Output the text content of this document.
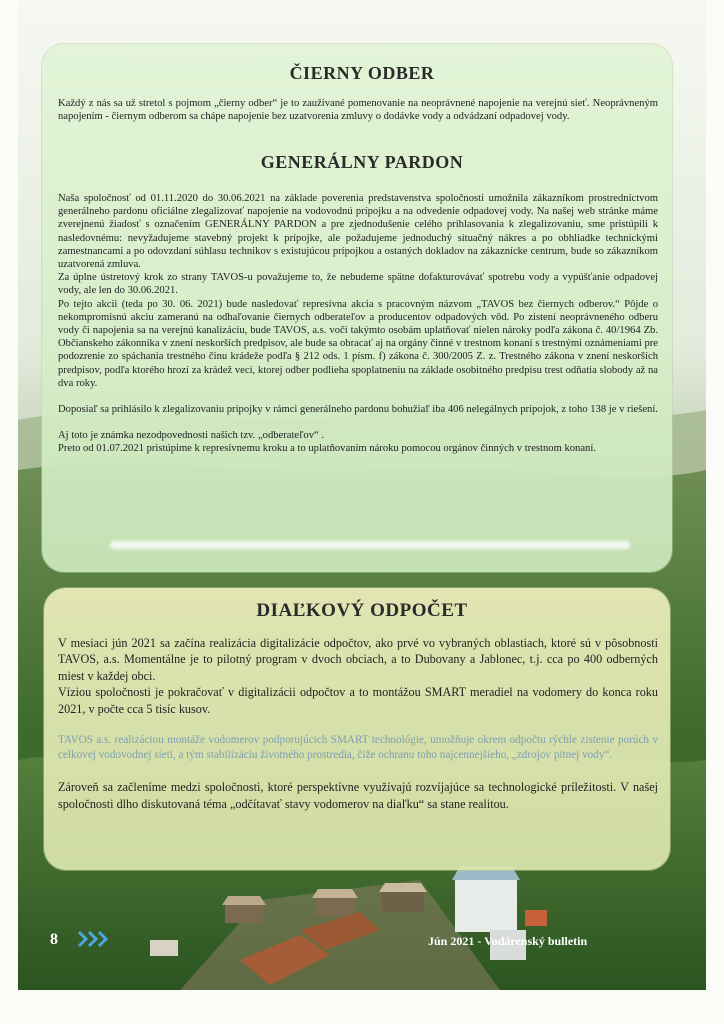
ČIERNY ODBER

Každý z nás sa už stretol s pojmom „čierny odber“ je to zaužívané pomenovanie na neoprávnené napojenie na verejnú sieť. Neoprávneným napojením - čiernym odberom sa chápe napojenie bez uzatvorenia zmluvy o dodávke vody a odvádzaní odpadovej vody.

GENERÁLNY PARDON

Naša spoločnosť od 01.11.2020 do 30.06.2021 na základe poverenia predstavenstva spoločnosti umožnila zákazníkom prostredníctvom generálneho pardonu oficiálne zlegalizovať napojenie na vodovodnú prípojku a na odvedenie odpadovej vody. Na našej web stránke máme zverejnenú žiadosť s označením GENERÁLNY PARDON a pre zjednodušenie celého prihlasovania k zlegalizovaniu, sme pristúpili k nasledovnému: nevyžadujeme stavebný projekt k prípojke, ale požadujeme jednoduchý situačný nákres a po obhliadke technickými zamestnancami a po odovzdaní súhlasu technikov s existujúcou prípojkou a ostaných dokladov na zákaznícke centrum, bude so zákazníkom uzatvorená zmluva.

Za úplne ústretový krok zo strany TAVOS-u považujeme to, že nebudeme spätne dofakturovávať spotrebu vody a vypúšťanie odpadovej vody, ale len do 30.06.2021.

Po tejto akcii (teda po 30. 06. 2021) bude nasledovať represívna akcia s pracovným názvom „TAVOS bez čiernych odberov.“ Pôjde o nekompromisnú akciu zameranú na odhaľovanie čiernych odberateľov a producentov odpadových vôd. Po zistení neoprávneného odberu vody či napojenia sa na verejnú kanalizáciu, bude TAVOS, a.s. voči takýmto osobám uplatňovať nielen nároky podľa zákona č. 40/1964 Zb. Občianskeho zákonníka v znení neskorších predpisov, ale bude sa obracať aj na orgány činné v trestnom konaní s trestnými oznámeniami pre podozrenie zo spáchania trestného činu krádeže podľa § 212 ods. 1 písm. f) zákona č. 300/2005 Z. z. Trestného zákona v znení neskorších predpisov, podľa ktorého hrozí za krádež veci, ktorej odber podlieha spoplatneniu na základe osobitného predpisu trest odňatia slobody až na dva roky.

Doposiaľ sa prihlásilo k zlegalizovaniu prípojky v rámci generálneho pardonu bohužiaľ iba 406 nelegálnych prípojok, z toho 138 je v riešení.

Aj toto je známka nezodpovednosti našich tzv. „odberateľov“ .

Preto od 01.07.2021 pristúpime k represívnemu kroku a to uplatňovaním nároku pomocou orgánov činných v trestnom konaní.

DIAĽKOVÝ ODPOČET

V mesiaci jún 2021 sa začína realizácia digitalizácie odpočtov, ako prvé vo vybraných oblastiach, ktoré sú v pôsobnosti TAVOS, a.s. Momentálne je to pilotný program v dvoch obciach, a to Dubovany a Jablonec, t.j. cca po 400 odberných miest v každej obci.

Víziou spoločnosti je pokračovať v digitalizácii odpočtov a to montážou SMART meradiel na vodomery do konca roku 2021, v počte cca 5 tisíc kusov.

TAVOS a.s. realizáciou montáže vodomerov podporujúcich SMART technológie, umožňuje okrem odpočtu rýchle zistenie porúch v celkovej vodovodnej sieti, a tým stabilizáciu životného prostredia, čiže ochranu toho najcennejšieho, „zdrojov pitnej vody“.

Zároveň sa začleníme medzi spoločnosti, ktoré perspektívne využívajú rozvíjajúce sa technologické príležitosti. V našej spoločnosti dlho diskutovaná téma „odčítavať stavy vodomerov na diaľku“ sa stane realitou.

8	Jún 2021 - Vodárenský bulletin
